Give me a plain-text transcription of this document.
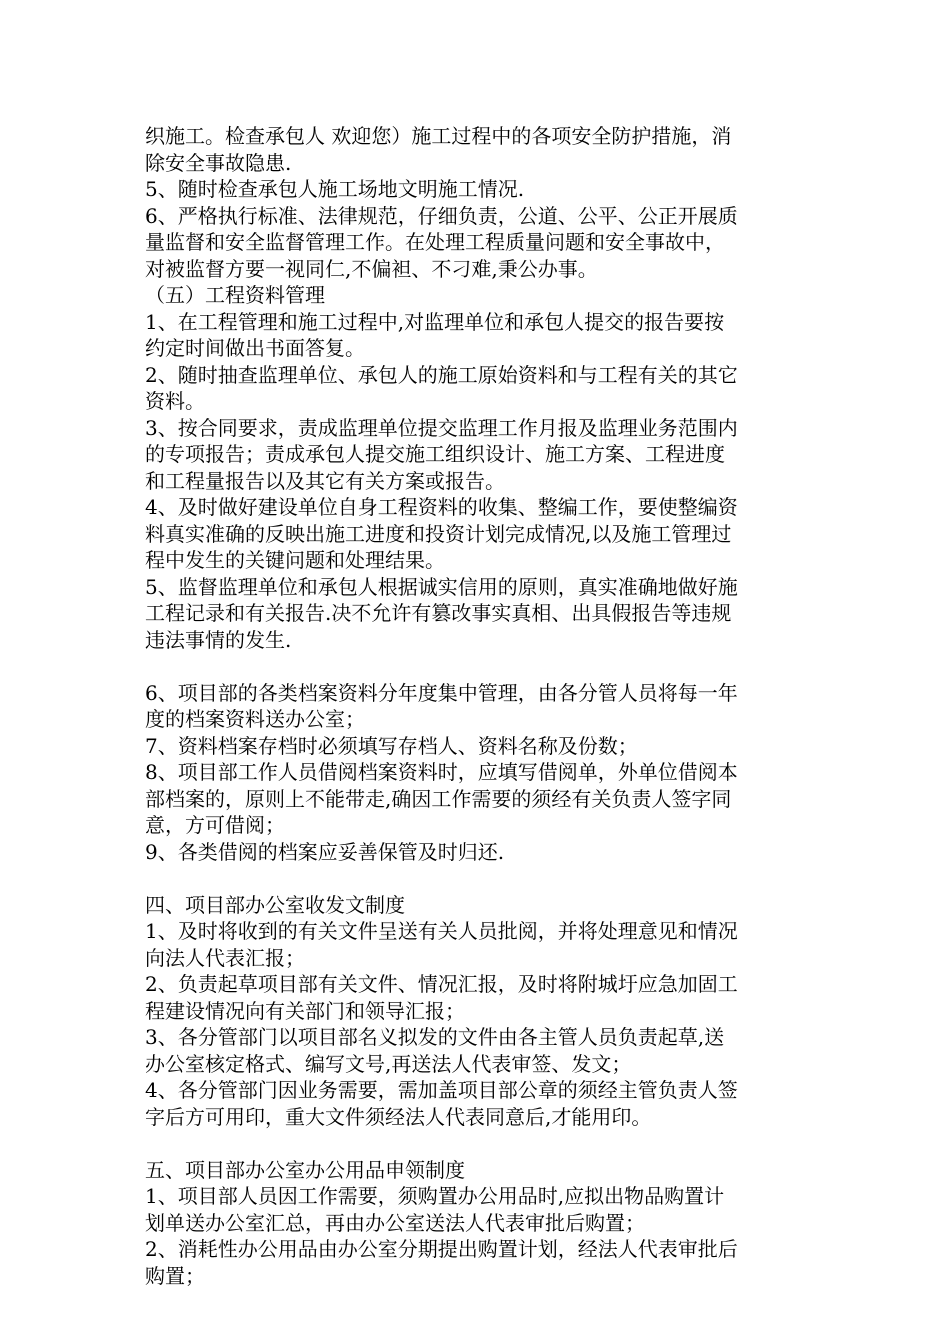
织施工。检查承包人 欢迎您）施工过程中的各项安全防护措施，消
除安全事故隐患.
5、随时检查承包人施工场地文明施工情况.
6、严格执行标准、法律规范，仔细负责，公道、公平、公正开展质
量监督和安全监督管理工作。在处理工程质量问题和安全事故中，
对被监督方要一视同仁,不偏袒、不刁难,秉公办事。
（五）工程资料管理
1、在工程管理和施工过程中,对监理单位和承包人提交的报告要按
约定时间做出书面答复。
2、随时抽查监理单位、承包人的施工原始资料和与工程有关的其它
资料。
3、按合同要求，责成监理单位提交监理工作月报及监理业务范围内
的专项报告；责成承包人提交施工组织设计、施工方案、工程进度
和工程量报告以及其它有关方案或报告。
4、及时做好建设单位自身工程资料的收集、整编工作，要使整编资
料真实准确的反映出施工进度和投资计划完成情况,以及施工管理过
程中发生的关键问题和处理结果。
5、监督监理单位和承包人根据诚实信用的原则，真实准确地做好施
工程记录和有关报告.决不允许有篡改事实真相、出具假报告等违规
违法事情的发生.
6、项目部的各类档案资料分年度集中管理，由各分管人员将每一年
度的档案资料送办公室；
7、资料档案存档时必须填写存档人、资料名称及份数；
8、项目部工作人员借阅档案资料时，应填写借阅单，外单位借阅本
部档案的，原则上不能带走,确因工作需要的须经有关负责人签字同
意，方可借阅；
9、各类借阅的档案应妥善保管及时归还.
四、项目部办公室收发文制度
1、及时将收到的有关文件呈送有关人员批阅，并将处理意见和情况
向法人代表汇报；
2、负责起草项目部有关文件、情况汇报，及时将附城圩应急加固工
程建设情况向有关部门和领导汇报；
3、各分管部门以项目部名义拟发的文件由各主管人员负责起草,送
办公室核定格式、编写文号,再送法人代表审签、发文；
4、各分管部门因业务需要，需加盖项目部公章的须经主管负责人签
字后方可用印，重大文件须经法人代表同意后,才能用印。
五、项目部办公室办公用品申领制度
1、项目部人员因工作需要，须购置办公用品时,应拟出物品购置计
划单送办公室汇总，再由办公室送法人代表审批后购置；
2、消耗性办公用品由办公室分期提出购置计划，经法人代表审批后
购置；
